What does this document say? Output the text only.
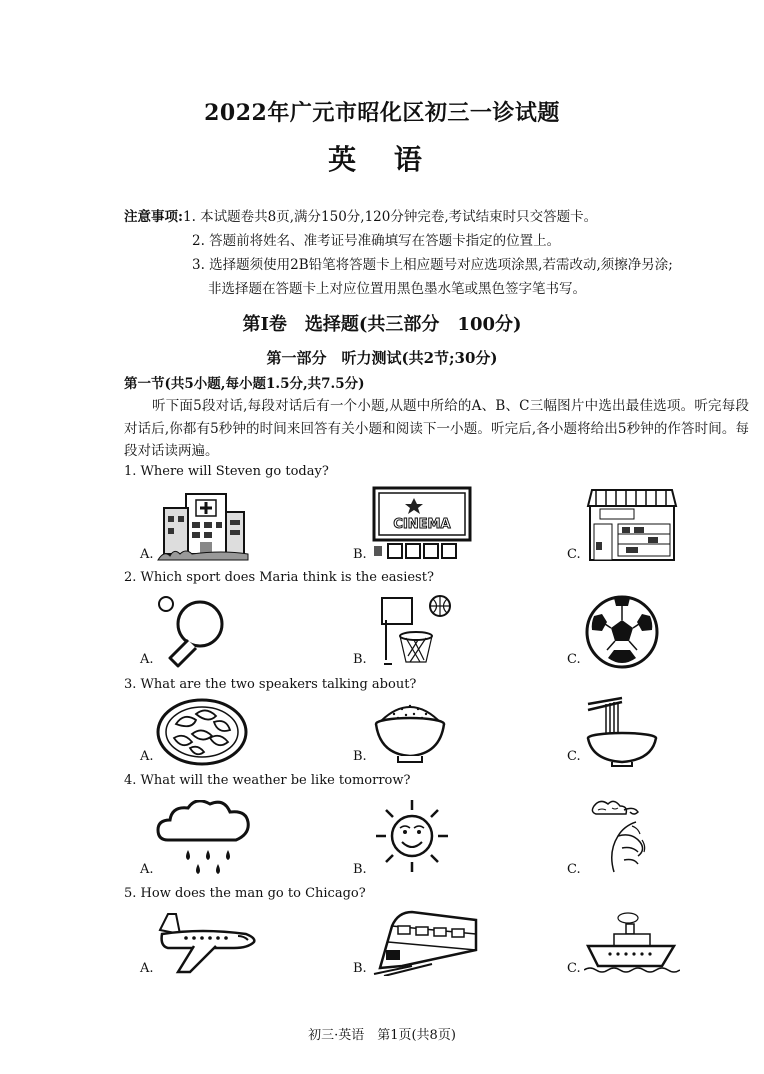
2022年广元市昭化区初三一诊试题
英 语
注意事项:1. 本试题卷共8页,满分150分,120分钟完卷,考试结束时只交答题卡。
2. 答题前将姓名、准考证号准确填写在答题卡指定的位置上。
3. 选择题须使用2B铅笔将答题卡上相应题号对应选项涂黑,若需改动,须擦净另涂;
非选择题在答题卡上对应位置用黑色墨水笔或黑色签字笔书写。
第Ⅰ卷　选择题(共三部分　100分)
第一部分　听力测试(共2节;30分)
第一节(共5小题,每小题1.5分,共7.5分)
听下面5段对话,每段对话后有一个小题,从题中所给的A、B、C三幅图片中选出最佳选项。听完每段对话后,你都有5秒钟的时间来回答有关小题和阅读下一小题。听完后,各小题将给出5秒钟的作答时间。每段对话读两遍。
1. Where will Steven go today?
A.	B.	C.
CINEMA
2. Which sport does Maria think is the easiest?
A.	B.	C.
3. What are the two speakers talking about?
A.	B.	C.
4. What will the weather be like tomorrow?
A.	B.	C.
5. How does the man go to Chicago?
A.	B.	C.
初三·英语　第1页(共8页)
